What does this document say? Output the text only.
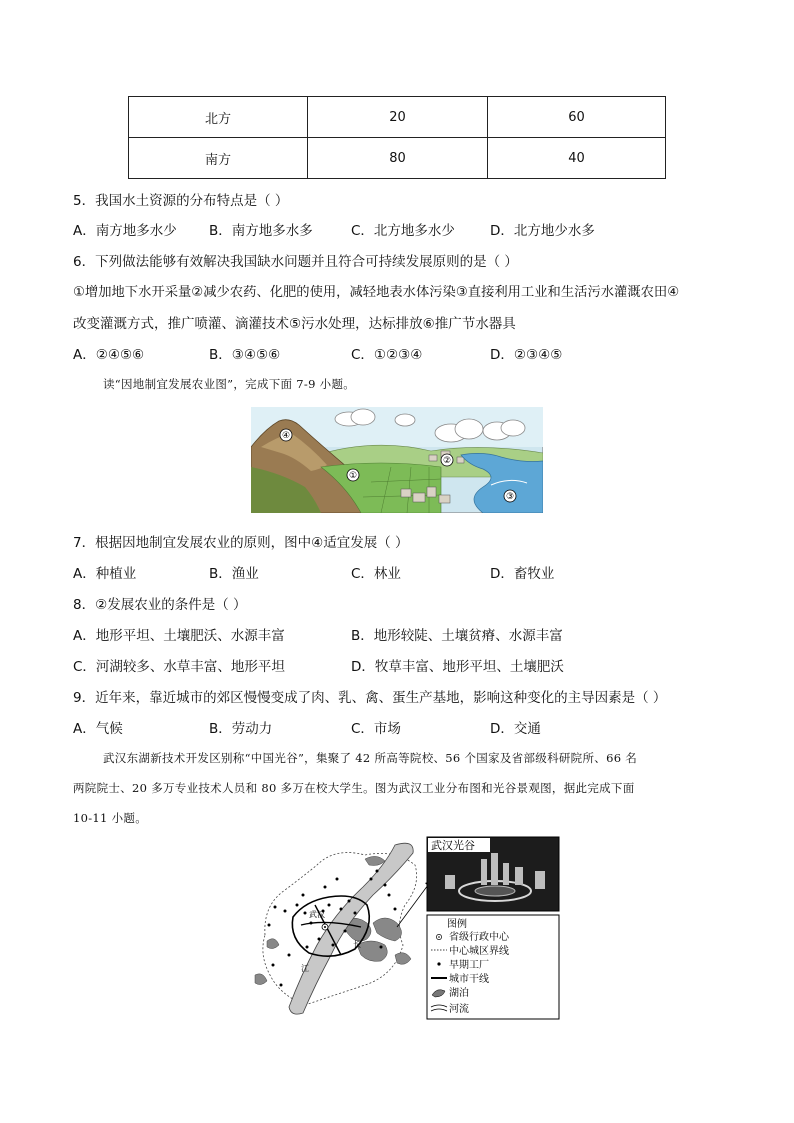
北方	20	60
南方	80	40
5．我国水土资源的分布特点是（ ）
A．南方地多水少 B．南方地多水多	C．北方地多水少	D．北方地少水多
6．下列做法能够有效解决我国缺水问题并且符合可持续发展原则的是（ ）
①增加地下水开采量②减少农药、化肥的使用，减轻地表水体污染③直接利用工业和生活污水灌溉农田④
改变灌溉方式，推广喷灌、滴灌技术⑤污水处理，达标排放⑥推广节水器具
A．②④⑤⑥	B．③④⑤⑥	C．①②③④	D．②③④⑤
读“因地制宜发展农业图”，完成下面 7-9 小题。
④
①
②
③
7．根据因地制宜发展农业的原则，图中④适宜发展（ ）
A．种植业	B．渔业	C．林业	D．畜牧业
8．②发展农业的条件是（ ）
A．地形平坦、土壤肥沃、水源丰富	B．地形较陡、土壤贫瘠、水源丰富
C．河湖较多、水草丰富、地形平坦	D．牧草丰富、地形平坦、土壤肥沃
9．近年来，靠近城市的郊区慢慢变成了肉、乳、禽、蛋生产基地，影响这种变化的主导因素是（ ）
A．气候	B．劳动力	C．市场	D．交通
武汉东湖新技术开发区别称“中国光谷”，集聚了 42 所高等院校、56 个国家及省部级科研院所、66 名
两院院士、20 多万专业技术人员和 80 多万在校大学生。图为武汉工业分布图和光谷景观图，据此完成下面
10-11 小题。
武汉
长
江
武汉光谷
图例
省级行政中心
中心城区界线
早期工厂
城市干线
湖泊
河流
